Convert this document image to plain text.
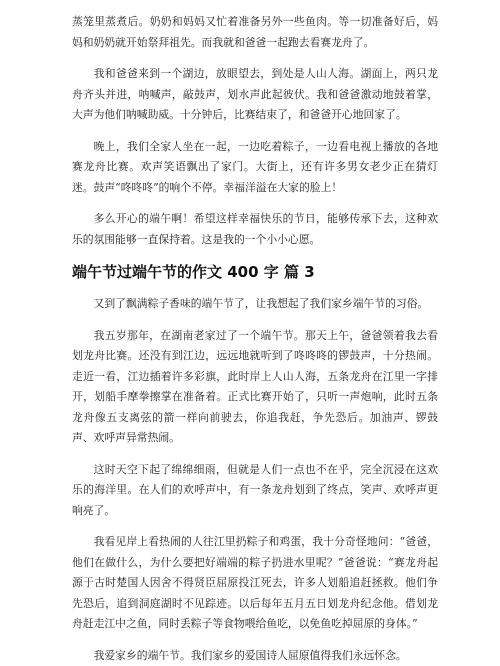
蒸笼里蒸煮后。奶奶和妈妈又忙着准备另外一些鱼肉。等一切准备好后，妈妈和奶奶就开始祭拜祖先。而我就和爸爸一起跑去看赛龙舟了。

我和爸爸来到一个湖边，放眼望去，到处是人山人海。湖面上，两只龙舟齐头并进，呐喊声，敲鼓声，划水声此起彼伏。我和爸爸激动地鼓着掌，大声为他们呐喊助威。十分钟后，比赛结束了，和爸爸开心地回家了。

晚上，我们全家人坐在一起，一边吃着粽子，一边看电视上播放的各地赛龙舟比赛。欢声笑语飘出了家门。大街上，还有许多男女老少正在猜灯迷。鼓声“咚咚咚”的响个不停。幸福洋溢在大家的脸上！

多么开心的端午啊！希望这样幸福快乐的节日，能够传承下去，这种欢乐的氛围能够一直保持着。这是我的一个小小心愿。

端午节过端午节的作文 400 字 篇 3

又到了飘满粽子香味的端午节了，让我想起了我们家乡端午节的习俗。

我五岁那年，在湖南老家过了一个端午节。那天上午，爸爸领着我去看划龙舟比赛。还没有到江边，远远地就听到了咚咚咚的锣鼓声，十分热闹。走近一看，江边插着许多彩旗，此时岸上人山人海，五条龙舟在江里一字排开，划船手摩拳擦掌在准备着。正式比赛开始了，只听一声炮响，此时五条龙舟像五支离弦的箭一样向前驶去，你追我赶，争先恐后。加油声、锣鼓声、欢呼声异常热闹。

这时天空下起了绵绵细雨，但就是人们一点也不在乎，完全沉浸在这欢乐的海洋里。在人们的欢呼声中，有一条龙舟划到了终点，笑声、欢呼声更响亮了。

我看见岸上看热闹的人往江里扔粽子和鸡蛋，我十分奇怪地问：“爸爸，他们在做什么，为什么要把好端端的粽子扔进水里呢？”爸爸说：“赛龙舟起源于古时楚国人因舍不得贤臣屈原投江死去，许多人划船追赶拯救。他们争先恐后，追到洞庭湖时不见踪迹。以后每年五月五日划龙舟纪念他。借划龙舟赶走江中之鱼，同时丢粽子等食物喂给鱼吃，以免鱼吃掉屈原的身体。”

我爱家乡的端午节。我们家乡的爱国诗人屈原值得我们永远怀念。
